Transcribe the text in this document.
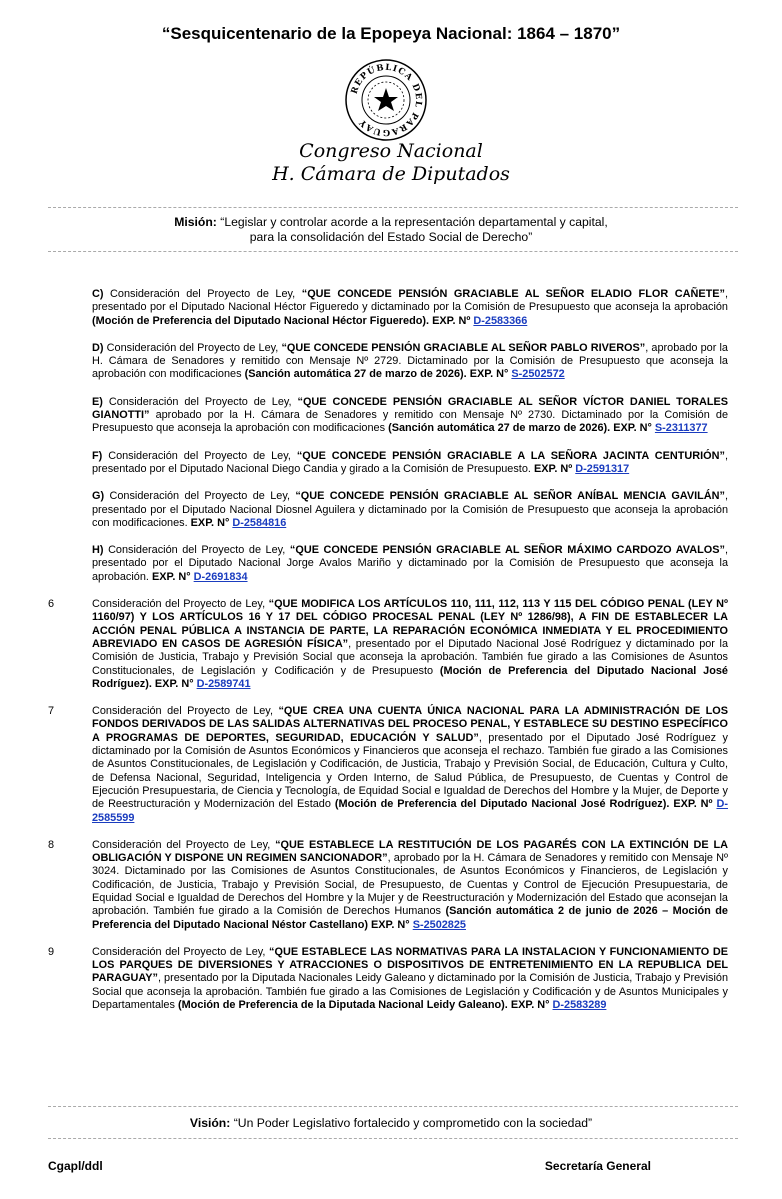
“Sesquicentenario de la Epopeya Nacional: 1864 – 1870”
REPÚBLICA DEL PARAGUAY
Congreso Nacional
H. Cámara de Diputados
Misión: “Legislar y controlar acorde a la representación departamental y capital,
para la consolidación del Estado Social de Derecho”
C) Consideración del Proyecto de Ley, “QUE CONCEDE PENSIÓN GRACIABLE AL SEÑOR ELADIO FLOR CAÑETE”, presentado por el Diputado Nacional Héctor Figueredo y dictaminado por la Comisión de Presupuesto que aconseja la aprobación (Moción de Preferencia del Diputado Nacional Héctor Figueredo). EXP. Nº D-2583366
D) Consideración del Proyecto de Ley, “QUE CONCEDE PENSIÓN GRACIABLE AL SEÑOR PABLO RIVEROS”, aprobado por la H. Cámara de Senadores y remitido con Mensaje Nº 2729. Dictaminado por la Comisión de Presupuesto que aconseja la aprobación con modificaciones (Sanción automática 27 de marzo de 2026). EXP. N° S-2502572
E) Consideración del Proyecto de Ley, “QUE CONCEDE PENSIÓN GRACIABLE AL SEÑOR VÍCTOR DANIEL TORALES GIANOTTI” aprobado por la H. Cámara de Senadores y remitido con Mensaje Nº 2730. Dictaminado por la Comisión de Presupuesto que aconseja la aprobación con modificaciones (Sanción automática 27 de marzo de 2026). EXP. N° S-2311377
F) Consideración del Proyecto de Ley, “QUE CONCEDE PENSIÓN GRACIABLE A LA SEÑORA JACINTA CENTURIÓN”, presentado por el Diputado Nacional Diego Candia y girado a la Comisión de Presupuesto. EXP. Nº D-2591317
G) Consideración del Proyecto de Ley, “QUE CONCEDE PENSIÓN GRACIABLE AL SEÑOR ANÍBAL MENCIA GAVILÁN”, presentado por el Diputado Nacional Diosnel Aguilera y dictaminado por la Comisión de Presupuesto que aconseja la aprobación con modificaciones. EXP. N° D-2584816
H) Consideración del Proyecto de Ley, “QUE CONCEDE PENSIÓN GRACIABLE AL SEÑOR MÁXIMO CARDOZO AVALOS”, presentado por el Diputado Nacional Jorge Avalos Mariño y dictaminado por la Comisión de Presupuesto que aconseja la aprobación. EXP. N° D-2691834
6	Consideración del Proyecto de Ley, “QUE MODIFICA LOS ARTÍCULOS 110, 111, 112, 113 Y 115 DEL CÓDIGO PENAL (LEY Nº 1160/97) Y LOS ARTÍCULOS 16 Y 17 DEL CÓDIGO PROCESAL PENAL (LEY Nº 1286/98), A FIN DE ESTABLECER LA ACCIÓN PENAL PÚBLICA A INSTANCIA DE PARTE, LA REPARACIÓN ECONÓMICA INMEDIATA Y EL PROCEDIMIENTO ABREVIADO EN CASOS DE AGRESIÓN FÍSICA”, presentado por el Diputado Nacional José Rodríguez y dictaminado por la Comisión de Justicia, Trabajo y Previsión Social que aconseja la aprobación. También fue girado a las Comisiones de Asuntos Constitucionales, de Legislación y Codificación y de Presupuesto (Moción de Preferencia del Diputado Nacional José Rodríguez). EXP. N° D-2589741
7	Consideración del Proyecto de Ley, “QUE CREA UNA CUENTA ÚNICA NACIONAL PARA LA ADMINISTRACIÓN DE LOS FONDOS DERIVADOS DE LAS SALIDAS ALTERNATIVAS DEL PROCESO PENAL, Y ESTABLECE SU DESTINO ESPECÍFICO A PROGRAMAS DE DEPORTES, SEGURIDAD, EDUCACIÓN Y SALUD”, presentado por el Diputado José Rodríguez y dictaminado por la Comisión de Asuntos Económicos y Financieros que aconseja el rechazo. También fue girado a las Comisiones de Asuntos Constitucionales, de Legislación y Codificación, de Justicia, Trabajo y Previsión Social, de Educación, Cultura y Culto, de Defensa Nacional, Seguridad, Inteligencia y Orden Interno, de Salud Pública, de Presupuesto, de Cuentas y Control de Ejecución Presupuestaria, de Ciencia y Tecnología, de Equidad Social e Igualdad de Derechos del Hombre y la Mujer, de Deporte y de Reestructuración y Modernización del Estado (Moción de Preferencia del Diputado Nacional José Rodríguez). EXP. Nº D-2585599
8	Consideración del Proyecto de Ley, “QUE ESTABLECE LA RESTITUCIÓN DE LOS PAGARÉS CON LA EXTINCIÓN DE LA OBLIGACIÓN Y DISPONE UN REGIMEN SANCIONADOR”, aprobado por la H. Cámara de Senadores y remitido con Mensaje Nº 3024. Dictaminado por las Comisiones de Asuntos Constitucionales, de Asuntos Económicos y Financieros, de Legislación y Codificación, de Justicia, Trabajo y Previsión Social, de Presupuesto, de Cuentas y Control de Ejecución Presupuestaria, de Equidad Social e Igualdad de Derechos del Hombre y la Mujer y de Reestructuración y Modernización del Estado que aconsejan la aprobación. También fue girado a la Comisión de Derechos Humanos (Sanción automática 2 de junio de 2026 – Moción de Preferencia del Diputado Nacional Néstor Castellano) EXP. N° S-2502825
9	Consideración del Proyecto de Ley, “QUE ESTABLECE LAS NORMATIVAS PARA LA INSTALACION Y FUNCIONAMIENTO DE LOS PARQUES DE DIVERSIONES Y ATRACCIONES O DISPOSITIVOS DE ENTRETENIMIENTO EN LA REPUBLICA DEL PARAGUAY”, presentado por la Diputada Nacionales Leidy Galeano y dictaminado por la Comisión de Justicia, Trabajo y Previsión Social que aconseja la aprobación. También fue girado a las Comisiones de Legislación y Codificación y de Asuntos Municipales y Departamentales (Moción de Preferencia de la Diputada Nacional Leidy Galeano). EXP. N° D-2583289
Visión: “Un Poder Legislativo fortalecido y comprometido con la sociedad”
Cgapl/ddl	Secretaría General
